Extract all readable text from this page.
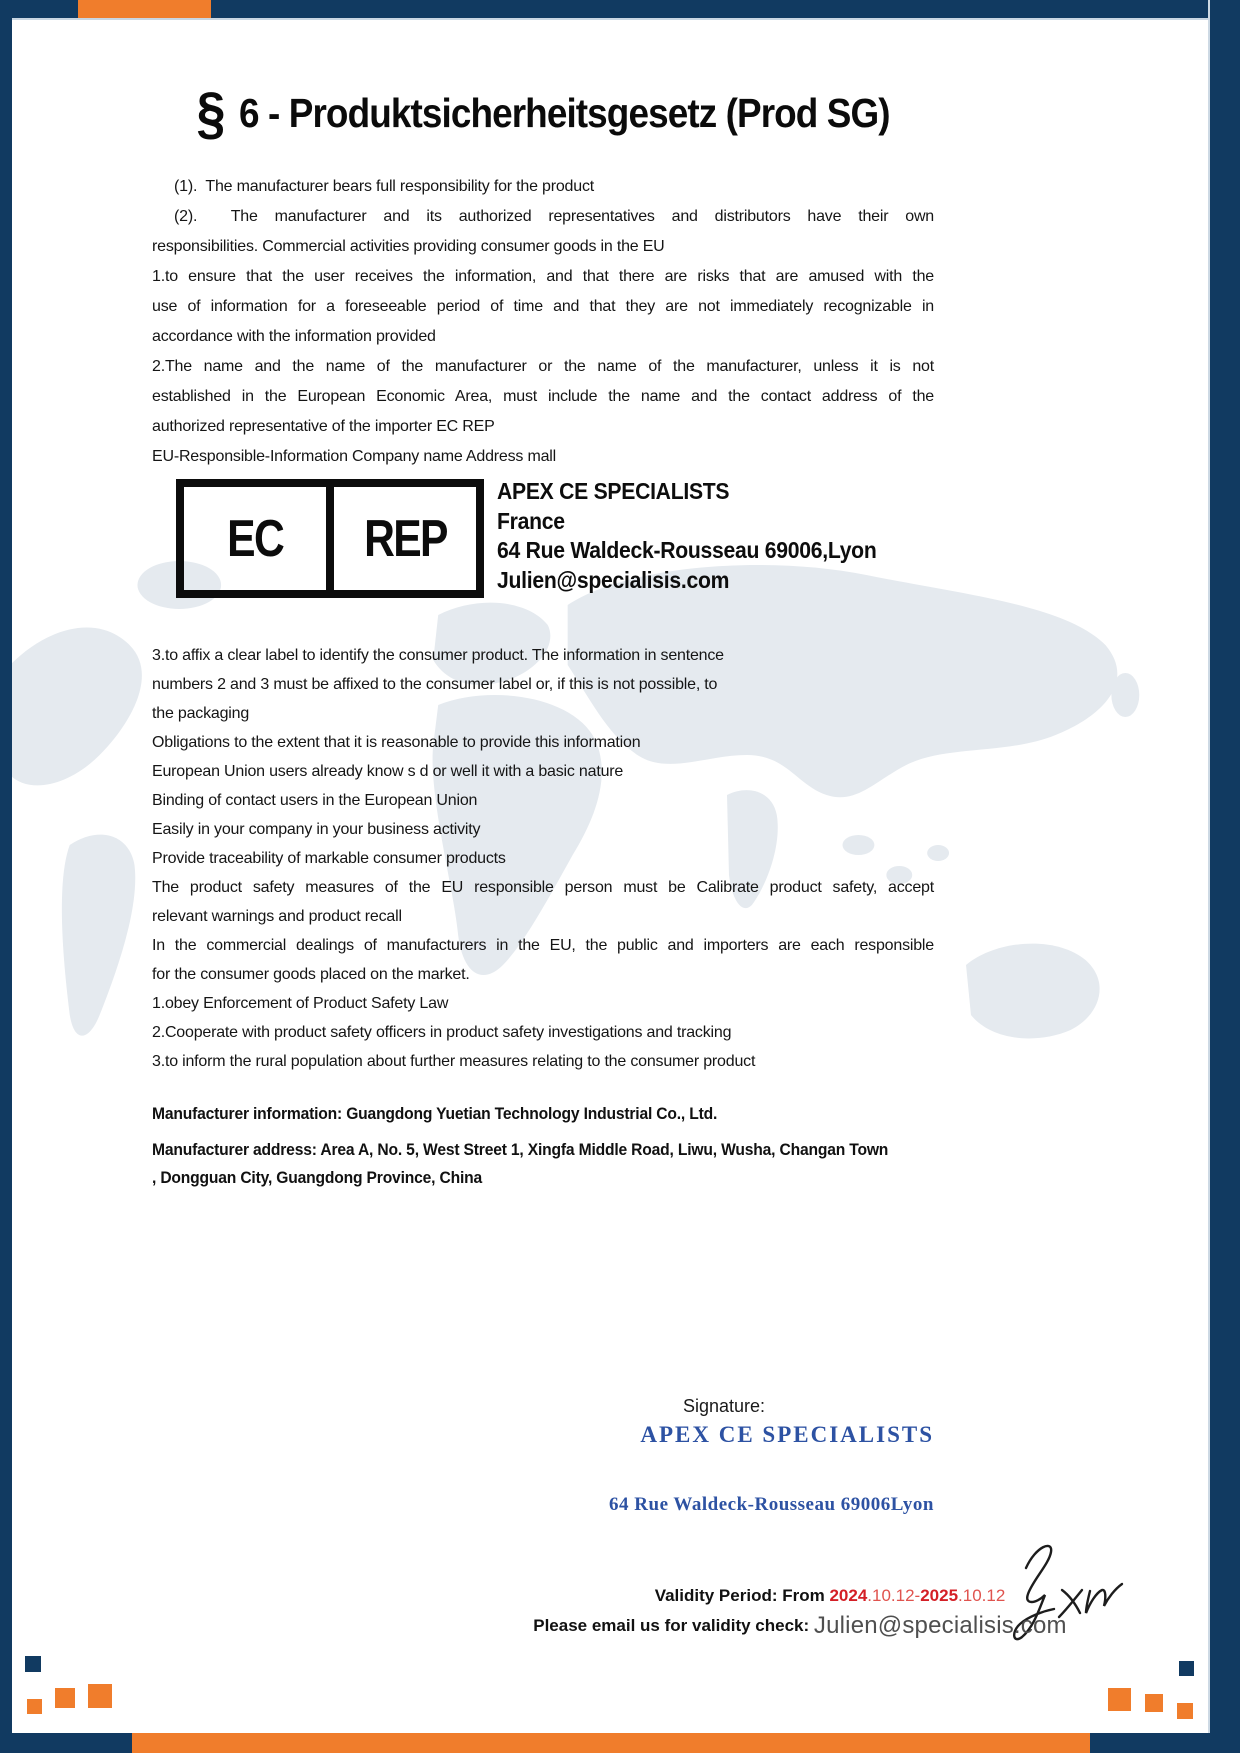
§ 6 - Produktsicherheitsgesetz (Prod SG)
(1).  The manufacturer bears full responsibility for the product
(2).  The manufacturer and its authorized representatives and distributors have their own
responsibilities. Commercial activities providing consumer goods in the EU
1.to ensure that the user receives the information, and that there are risks that are amused with the
use of information for a foreseeable period of time and that they are not immediately recognizable in
accordance with the information provided
2.The name and the name of the manufacturer or the name of the manufacturer, unless it is not
established in the European Economic Area, must include the name and the contact address of the
authorized representative of the importer EC REP
EU-Responsible-Information Company name Address mall
EC REP
APEX CE SPECIALISTS
France
64 Rue Waldeck-Rousseau 69006,Lyon
Julien@specialisis.com
3.to affix a clear label to identify the consumer product. The information in sentence
numbers 2 and 3 must be affixed to the consumer label or, if this is not possible, to
the packaging
Obligations to the extent that it is reasonable to provide this information
European Union users already know s d or well it with a basic nature
Binding of contact users in the European Union
Easily in your company in your business activity
Provide traceability of markable consumer products
The product safety measures of the EU responsible person must be Calibrate product safety, accept
relevant warnings and product recall
In the commercial dealings of manufacturers in the EU, the public and importers are each responsible
for the consumer goods placed on the market.
1.obey Enforcement of Product Safety Law
2.Cooperate with product safety officers in product safety investigations and tracking
3.to inform the rural population about further measures relating to the consumer product
Manufacturer information: Guangdong Yuetian Technology Industrial Co., Ltd.
Manufacturer address: Area A, No. 5, West Street 1, Xingfa Middle Road, Liwu, Wusha, Changan Town
, Dongguan City, Guangdong Province, China
Signature:
APEX CE SPECIALISTS
64 Rue Waldeck-Rousseau 69006Lyon
Validity Period: From 2024.10.12-2025.10.12
Please email us for validity check: Julien@specialisis.com
